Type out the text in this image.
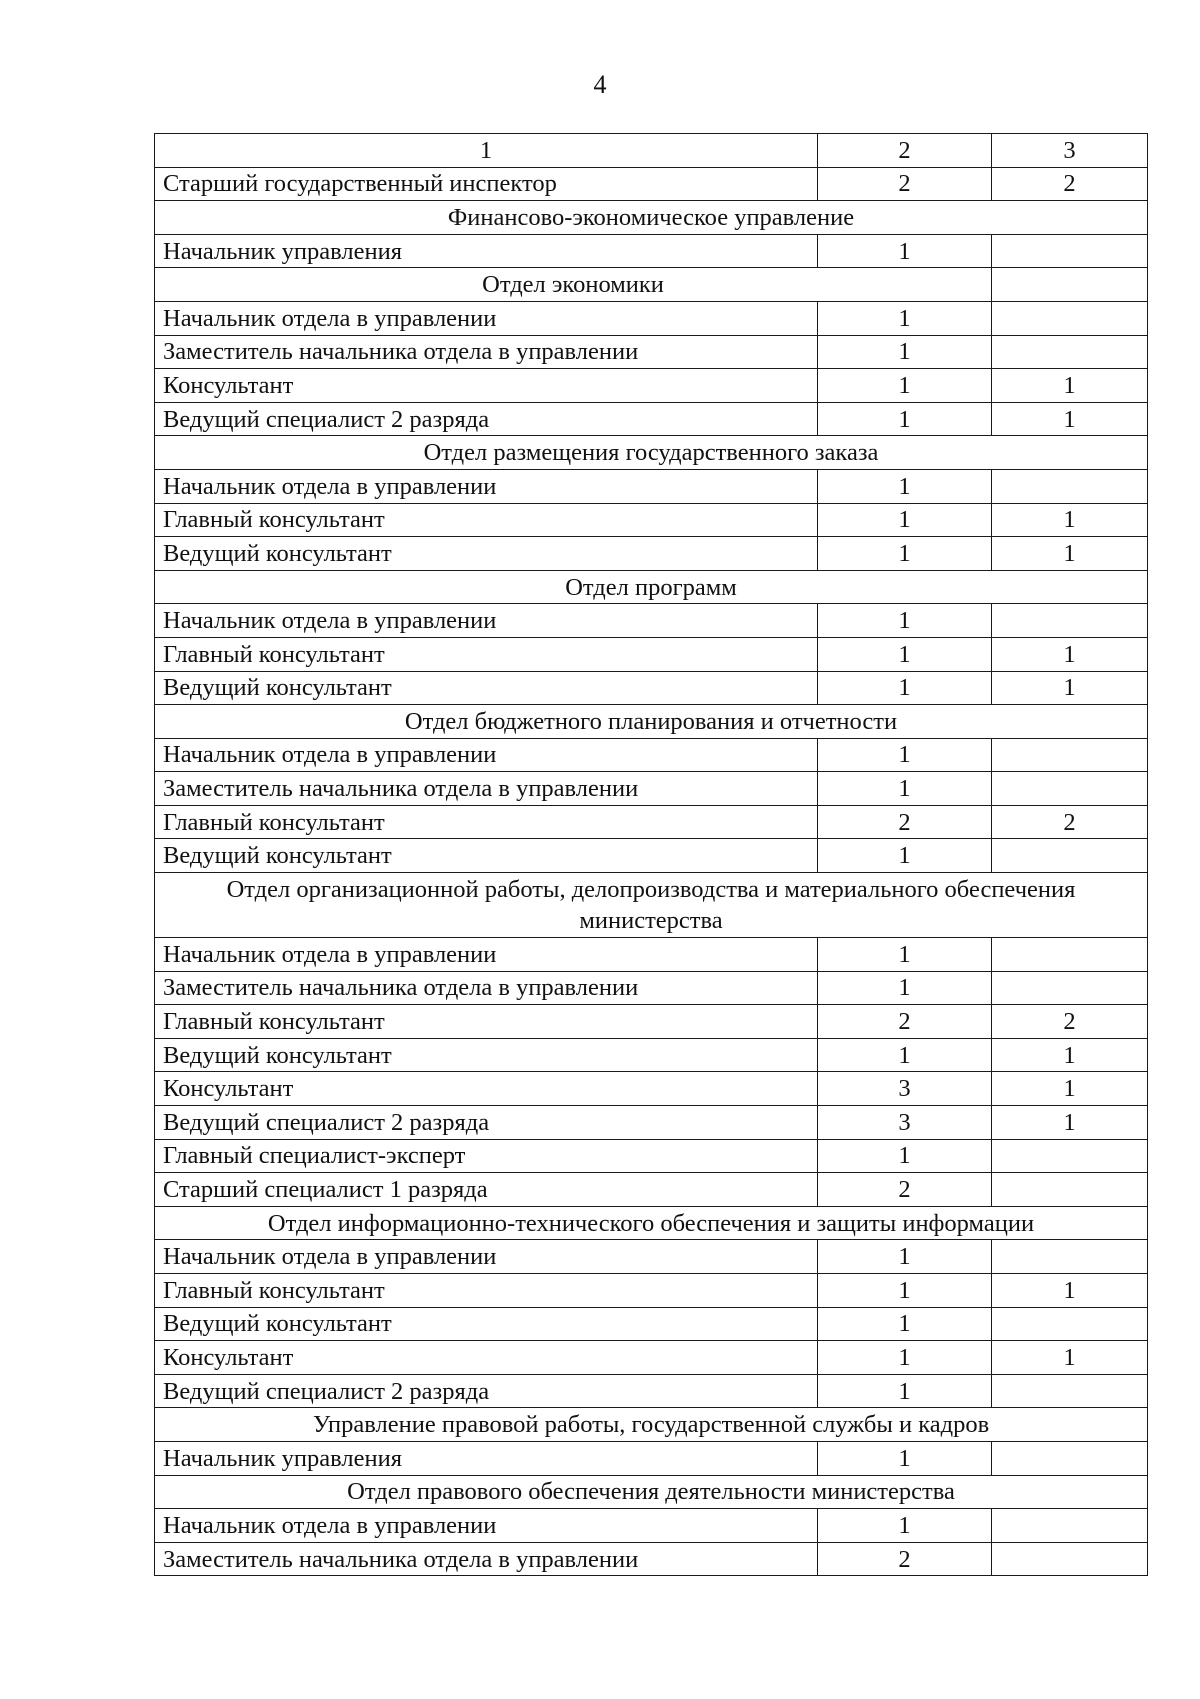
4
1	2	3
Старший государственный инспектор	2	2
Финансово-экономическое управление		
Начальник управления	1	
Отдел экономики		
Начальник отдела в управлении	1	
Заместитель начальника отдела в управлении	1	
Консультант	1	1
Ведущий специалист 2 разряда	1	1
Отдел размещения государственного заказа		
Начальник отдела в управлении	1	
Главный консультант	1	1
Ведущий консультант	1	1
Отдел программ		
Начальник отдела в управлении	1	
Главный консультант	1	1
Ведущий консультант	1	1
Отдел бюджетного планирования и отчетности		
Начальник отдела в управлении	1	
Заместитель начальника отдела в управлении	1	
Главный консультант	2	2
Ведущий консультант	1	
Отдел организационной работы, делопроизводства и материального обеспечения министерства		
Начальник отдела в управлении	1	
Заместитель начальника отдела в управлении	1	
Главный консультант	2	2
Ведущий консультант	1	1
Консультант	3	1
Ведущий специалист 2 разряда	3	1
Главный специалист-эксперт	1	
Старший специалист 1 разряда	2	
Отдел информационно-технического обеспечения и защиты информации		
Начальник отдела в управлении	1	
Главный консультант	1	1
Ведущий консультант	1	
Консультант	1	1
Ведущий специалист 2 разряда	1	
Управление правовой работы, государственной службы и кадров		
Начальник управления	1	
Отдел правового обеспечения деятельности министерства		
Начальник отдела в управлении	1	
Заместитель начальника отдела в управлении	2	
